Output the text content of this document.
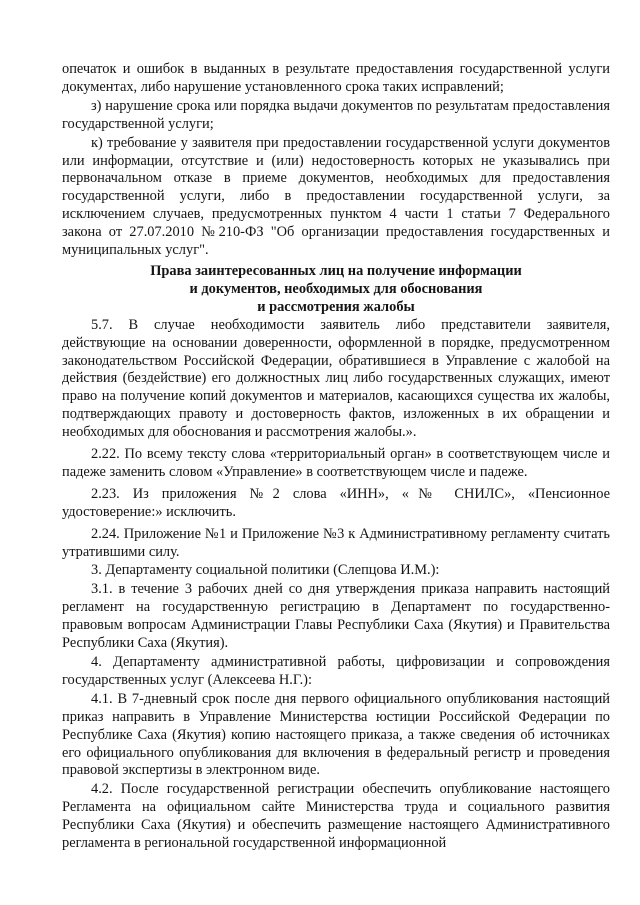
опечаток и ошибок в выданных в результате предоставления государственной услуги документах, либо нарушение установленного срока таких исправлений;

з) нарушение срока или порядка выдачи документов по результатам предоставления государственной услуги;

к) требование у заявителя при предоставлении государственной услуги документов или информации, отсутствие и (или) недостоверность которых не указывались при первоначальном отказе в приеме документов, необходимых для предоставления государственной услуги, либо в предоставлении государственной услуги, за исключением случаев, предусмотренных пунктом 4 части 1 статьи 7 Федерального закона от 27.07.2010 №210-ФЗ "Об организации предоставления государственных и муниципальных услуг".

Права заинтересованных лиц на получение информации

и документов, необходимых для обоснования

и рассмотрения жалобы

5.7. В случае необходимости заявитель либо представители заявителя, действующие на основании доверенности, оформленной в порядке, предусмотренном законодательством Российской Федерации, обратившиеся в Управление с жалобой на действия (бездействие) его должностных лиц либо государственных служащих, имеют право на получение копий документов и материалов, касающихся существа их жалобы, подтверждающих правоту и достоверность фактов, изложенных в их обращении и необходимых для обоснования и рассмотрения жалобы.».

2.22. По всему тексту слова «территориальный орган» в соответствующем числе и падеже заменить словом «Управление» в соответствующем числе и падеже.

2.23. Из приложения №2 слова «ИНН», «№ СНИЛС», «Пенсионное удостоверение:» исключить.

2.24. Приложение №1 и Приложение №3 к Административному регламенту считать утратившими силу.

3. Департаменту социальной политики (Слепцова И.М.):

3.1. в течение 3 рабочих дней со дня утверждения приказа направить настоящий регламент на государственную регистрацию в Департамент по государственно-правовым вопросам Администрации Главы Республики Саха (Якутия) и Правительства Республики Саха (Якутия).

4. Департаменту административной работы, цифровизации и сопровождения государственных услуг (Алексеева Н.Г.):

4.1. В 7-дневный срок после дня первого официального опубликования настоящий приказ направить в Управление Министерства юстиции Российской Федерации по Республике Саха (Якутия) копию настоящего приказа, а также сведения об источниках его официального опубликования для включения в федеральный регистр и проведения правовой экспертизы в электронном виде.

4.2. После государственной регистрации обеспечить опубликование настоящего Регламента на официальном сайте Министерства труда и социального развития Республики Саха (Якутия) и обеспечить размещение настоящего Административного регламента в региональной государственной информационной
